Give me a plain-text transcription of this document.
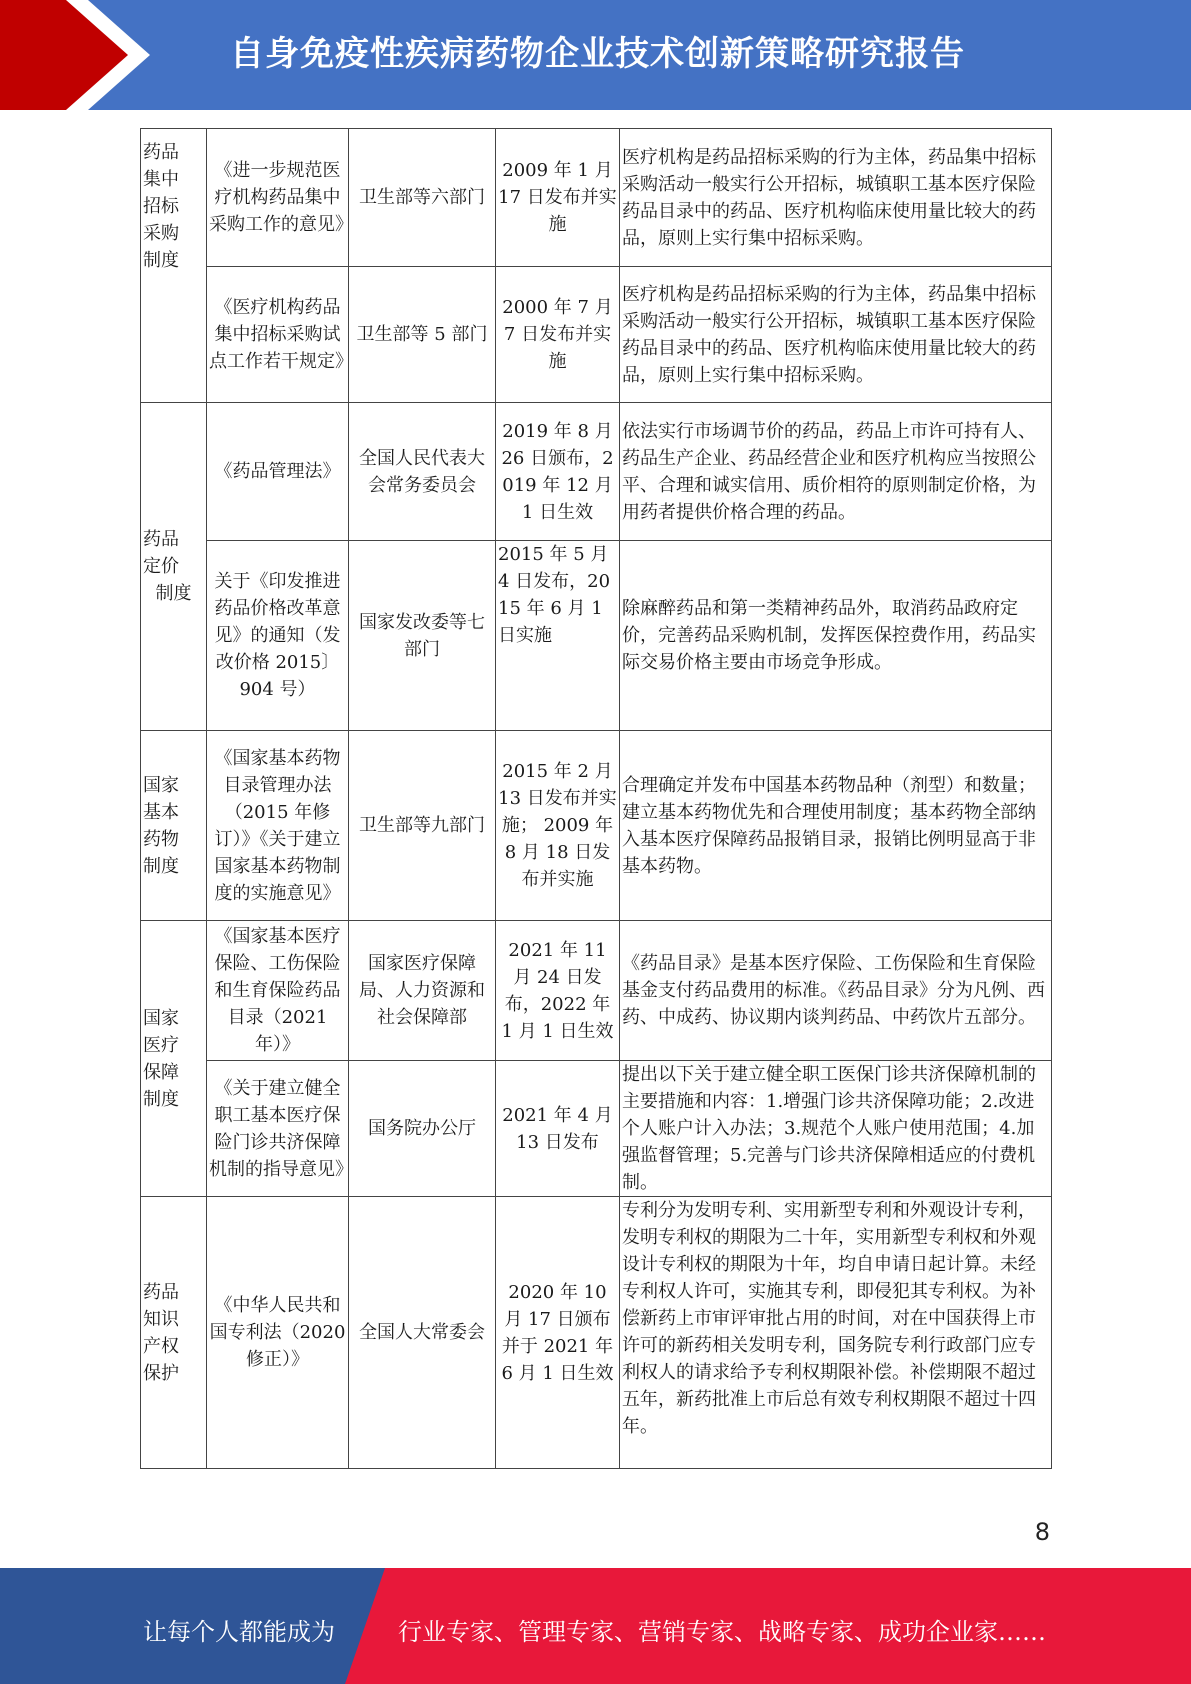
自身免疫性疾病药物企业技术创新策略研究报告
药品
集中
招标
采购
制度	《进一步规范医疗机构药品集中采购工作的意见》	卫生部等六部门	2009 年 1 月 17 日发布并实施	医疗机构是药品招标采购的行为主体，药品集中招标采购活动一般实行公开招标，城镇职工基本医疗保险药品目录中的药品、医疗机构临床使用量比较大的药品，原则上实行集中招标采购。
	《医疗机构药品集中招标采购试点工作若干规定》	卫生部等 5 部门	2000 年 7 月 7 日发布并实施	医疗机构是药品招标采购的行为主体，药品集中招标采购活动一般实行公开招标，城镇职工基本医疗保险药品目录中的药品、医疗机构临床使用量比较大的药品，原则上实行集中招标采购。

药品
定价
制度	《药品管理法》	全国人民代表大会常务委员会	2019 年 8 月 26 日颁布，2019 年 12 月 1 日生效	依法实行市场调节价的药品，药品上市许可持有人、药品生产企业、药品经营企业和医疗机构应当按照公平、合理和诚实信用、质价相符的原则制定价格，为用药者提供价格合理的药品。
	关于《印发推进药品价格改革意见》的通知（发改价格 2015〕 904 号）	国家发改委等七部门	2015 年 5 月 4 日发布，2015 年 6 月 1 日实施	除麻醉药品和第一类精神药品外，取消药品政府定价，完善药品采购机制，发挥医保控费作用，药品实际交易价格主要由市场竞争形成。

国家
基本
药物
制度	《国家基本药物目录管理办法（2015 年修订）》《关于建立国家基本药物制度的实施意见》	卫生部等九部门	2015 年 2 月 13 日发布并实施； 2009 年 8 月 18 日发布并实施	合理确定并发布中国基本药物品种（剂型）和数量；建立基本药物优先和合理使用制度；基本药物全部纳入基本医疗保障药品报销目录，报销比例明显高于非基本药物。

国家
医疗
保障
制度	《国家基本医疗保险、工伤保险和生育保险药品目录（2021 年）》	国家医疗保障局、人力资源和社会保障部	2021 年 11 月 24 日发布，2022 年 1 月 1 日生效	《药品目录》是基本医疗保险、工伤保险和生育保险基金支付药品费用的标准。《药品目录》分为凡例、西药、中成药、协议期内谈判药品、中药饮片五部分。
	《关于建立健全职工基本医疗保险门诊共济保障机制的指导意见》	国务院办公厅	2021 年 4 月 13 日发布	提出以下关于建立健全职工医保门诊共济保障机制的主要措施和内容：1.增强门诊共济保障功能；2.改进个人账户计入办法；3.规范个人账户使用范围；4.加强监督管理；5.完善与门诊共济保障相适应的付费机制。

药品
知识
产权
保护	《中华人民共和国专利法（2020 修正）》	全国人大常委会	2020 年 10 月 17 日颁布并于 2021 年 6 月 1 日生效	专利分为发明专利、实用新型专利和外观设计专利，发明专利权的期限为二十年，实用新型专利权和外观设计专利权的期限为十年，均自申请日起计算。未经专利权人许可，实施其专利，即侵犯其专利权。为补偿新药上市审评审批占用的时间，对在中国获得上市许可的新药相关发明专利，国务院专利行政部门应专利权人的请求给予专利权期限补偿。补偿期限不超过五年，新药批准上市后总有效专利权期限不超过十四年。
8
让每个人都能成为	行业专家、管理专家、营销专家、战略专家、成功企业家……
